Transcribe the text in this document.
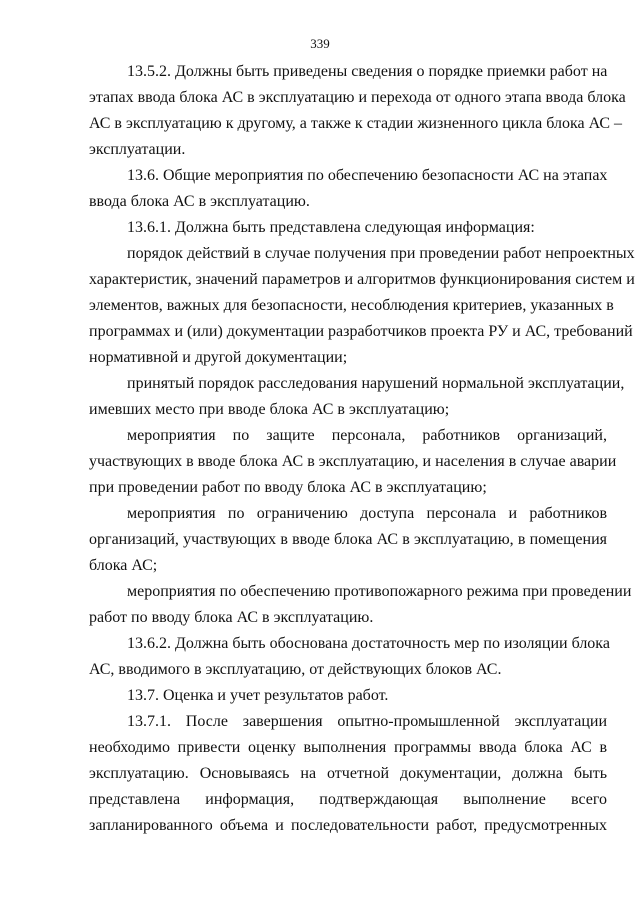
339
13.5.2. Должны быть приведены сведения о порядке приемки работ на
этапах ввода блока АС в эксплуатацию и перехода от одного этапа ввода блока
АС в эксплуатацию к другому, а также к стадии жизненного цикла блока АС –
эксплуатации.
13.6. Общие мероприятия по обеспечению безопасности АС на этапах
ввода блока АС в эксплуатацию.
13.6.1. Должна быть представлена следующая информация:
порядок действий в случае получения при проведении работ непроектных
характеристик, значений параметров и алгоритмов функционирования систем и
элементов, важных для безопасности, несоблюдения критериев, указанных в
программах и (или) документации разработчиков проекта РУ и АС, требований
нормативной и другой документации;
принятый порядок расследования нарушений нормальной эксплуатации,
имевших место при вводе блока АС в эксплуатацию;
мероприятия по защите персонала, работников организаций,
участвующих в вводе блока АС в эксплуатацию, и населения в случае аварии
при проведении работ по вводу блока АС в эксплуатацию;
мероприятия по ограничению доступа персонала и работников
организаций, участвующих в вводе блока АС в эксплуатацию, в помещения
блока АС;
мероприятия по обеспечению противопожарного режима при проведении
работ по вводу блока АС в эксплуатацию.
13.6.2. Должна быть обоснована достаточность мер по изоляции блока
АС, вводимого в эксплуатацию, от действующих блоков АС.
13.7. Оценка и учет результатов работ.
13.7.1. После завершения опытно-промышленной эксплуатации
необходимо привести оценку выполнения программы ввода блока АС в
эксплуатацию. Основываясь на отчетной документации, должна быть
представлена информация, подтверждающая выполнение всего
запланированного объема и последовательности работ, предусмотренных
